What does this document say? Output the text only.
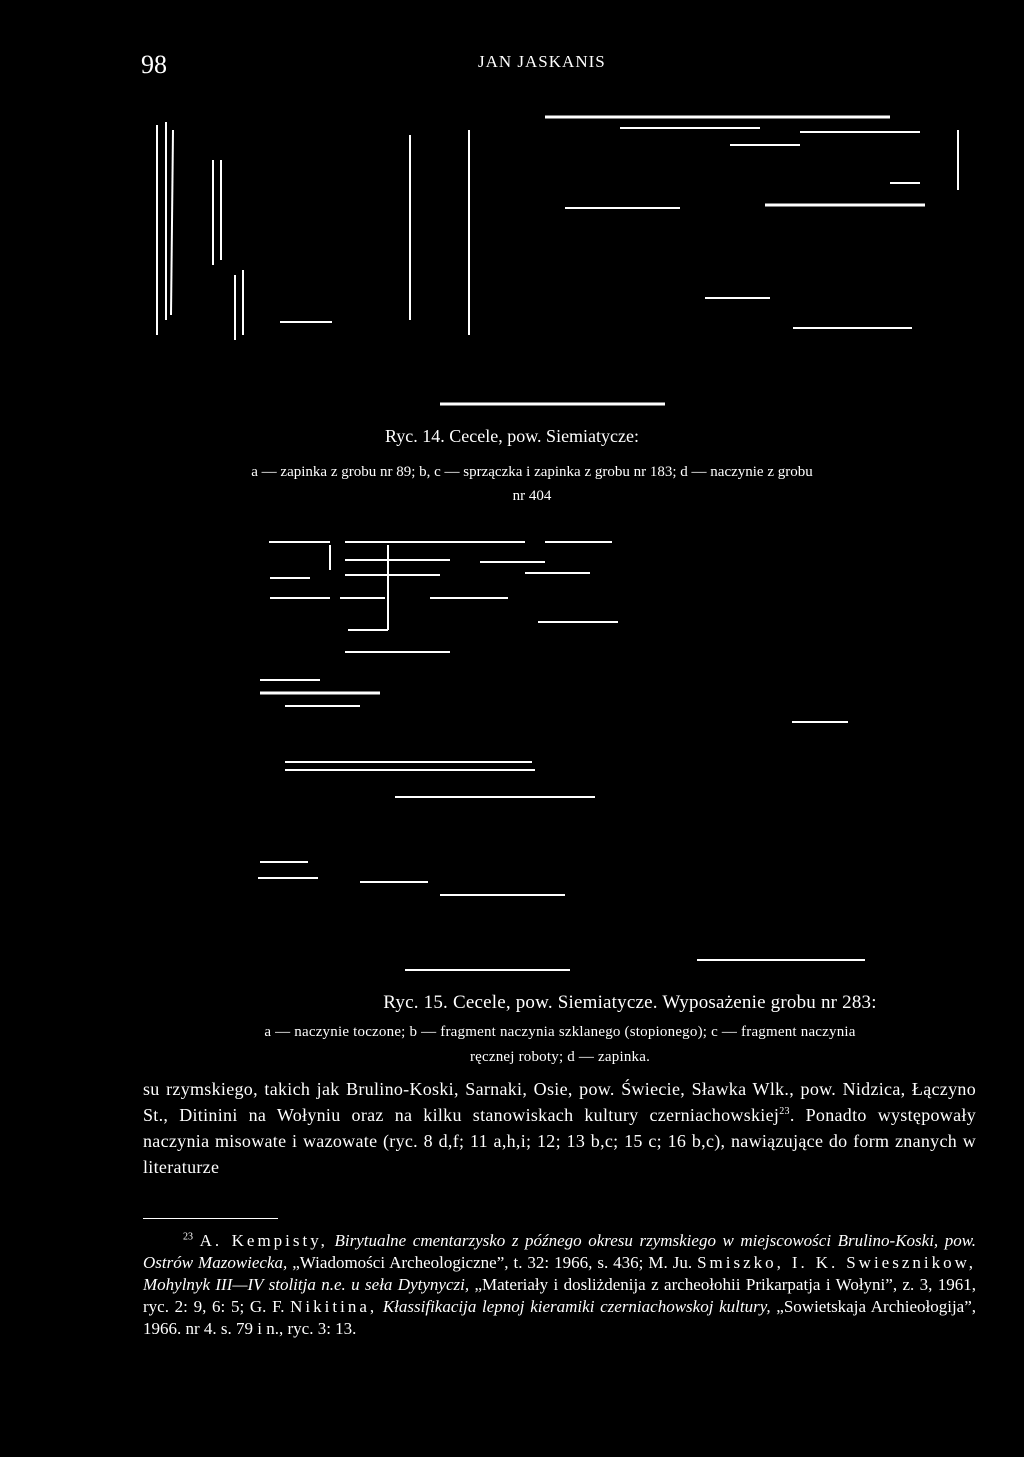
98	JAN JASKANIS
Ryc. 14. Cecele, pow. Siemiatycze:
a — zapinka z grobu nr 89; b, c — sprzączka i zapinka z grobu nr 183; d — naczynie z grobu
nr 404
Ryc. 15. Cecele, pow. Siemiatycze. Wyposażenie grobu nr 283:
a — naczynie toczone; b — fragment naczynia szklanego (stopionego); c — fragment naczynia
ręcznej roboty; d — zapinka.

su rzymskiego, takich jak Brulino-Koski, Sarnaki, Osie, pow. Świecie, Sławka Wlk., pow. Nidzica, Łączyno St., Ditinini na Wołyniu oraz na kilku stanowiskach kultury czerniachowskiej$^{23}$. Ponadto występowały naczynia misowate i wazowate (ryc. 8 d,f; 11 a,h,i; 12; 13 b,c; 15 c; 16 b,c), nawiązujące do form znanych w literaturze

$^{23}$ A. Kempisty, Birytualne cmentarzysko z późnego okresu rzymskiego w miejscowości Brulino-Koski, pow. Ostrów Mazowiecka, „Wiadomości Archeologiczne”, t. 32: 1966, s. 436; M. Ju. Smiszko, I. K. Swiesznikow, Mohylnyk III—IV stolitja n.e. u seła Dytynyczi, „Materiały i dosliżdenija z archeołohii Prikarpatja i Wołyni”, z. 3, 1961, ryc. 2: 9, 6: 5; G. F. Nikitina, Kłassifikacija lepnoj kieramiki czerniachowskoj kultury, „Sowietskaja Archieołogija”, 1966. nr 4. s. 79 i n., ryc. 3: 13.
